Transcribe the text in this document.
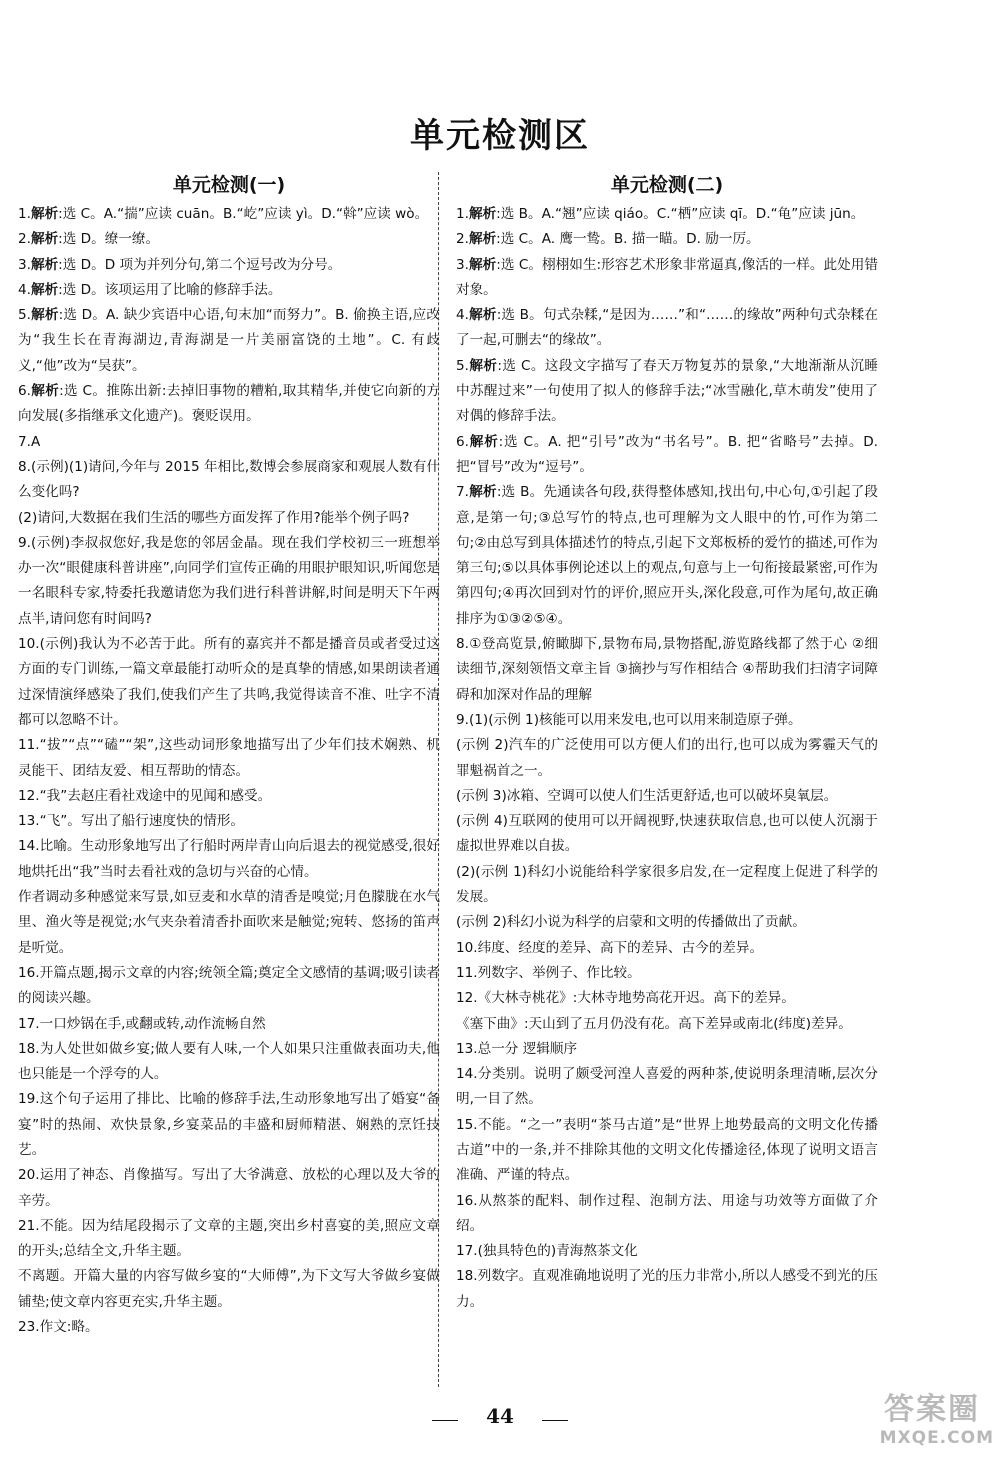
单元检测区
单元检测(一)
1.解析:选 C。A.“揣”应读 cuān。B.“屹”应读 yì。D.“斡”应读 wò。
2.解析:选 D。缭一缭。
3.解析:选 D。D 项为并列分句,第二个逗号改为分号。
4.解析:选 D。该项运用了比喻的修辞手法。
5.解析:选 D。A. 缺少宾语中心语,句末加“而努力”。B. 偷换主语,应改为“我生长在青海湖边,青海湖是一片美丽富饶的土地”。C. 有歧义,“他”改为“吴获”。
6.解析:选 C。推陈出新:去掉旧事物的糟粕,取其精华,并使它向新的方向发展(多指继承文化遗产)。褒贬误用。
7.A
8.(示例)(1)请问,今年与 2015 年相比,数博会参展商家和观展人数有什么变化吗?
(2)请问,大数据在我们生活的哪些方面发挥了作用?能举个例子吗?
9.(示例)李叔叔您好,我是您的邻居金晶。现在我们学校初三一班想举办一次“眼健康科普讲座”,向同学们宣传正确的用眼护眼知识,听闻您是一名眼科专家,特委托我邀请您为我们进行科普讲解,时间是明天下午两点半,请问您有时间吗?
10.(示例)我认为不必苦于此。所有的嘉宾并不都是播音员或者受过这方面的专门训练,一篇文章最能打动听众的是真挚的情感,如果朗读者通过深情演绎感染了我们,使我们产生了共鸣,我觉得读音不准、吐字不清都可以忽略不计。
11.“拔”“点”“磕”“架”,这些动词形象地描写出了少年们技术娴熟、机灵能干、团结友爱、相互帮助的情态。
12.“我”去赵庄看社戏途中的见闻和感受。
13.“飞”。写出了船行速度快的情形。
14.比喻。生动形象地写出了行船时两岸青山向后退去的视觉感受,很好地烘托出“我”当时去看社戏的急切与兴奋的心情。
作者调动多种感觉来写景,如豆麦和水草的清香是嗅觉;月色朦胧在水气里、渔火等是视觉;水气夹杂着清香扑面吹来是触觉;宛转、悠扬的笛声是听觉。
16.开篇点题,揭示文章的内容;统领全篇;奠定全文感情的基调;吸引读者的阅读兴趣。
17.一口炒锅在手,或翻或转,动作流畅自然
18.为人处世如做乡宴;做人要有人味,一个人如果只注重做表面功夫,他也只能是一个浮夸的人。
19.这个句子运用了排比、比喻的修辞手法,生动形象地写出了婚宴“备宴”时的热闹、欢快景象,乡宴菜品的丰盛和厨师精湛、娴熟的烹饪技艺。
20.运用了神态、肖像描写。写出了大爷满意、放松的心理以及大爷的辛劳。
21.不能。因为结尾段揭示了文章的主题,突出乡村喜宴的美,照应文章的开头;总结全文,升华主题。
不离题。开篇大量的内容写做乡宴的“大师傅”,为下文写大爷做乡宴做铺垫;使文章内容更充实,升华主题。
23.作文:略。
单元检测(二)
1.解析:选 B。A.“翘”应读 qiáo。C.“栖”应读 qī。D.“龟”应读 jūn。
2.解析:选 C。A. 鹰一鸷。B. 描一瞄。D. 励一厉。
3.解析:选 C。栩栩如生:形容艺术形象非常逼真,像活的一样。此处用错对象。
4.解析:选 B。句式杂糅,“是因为……”和“……的缘故”两种句式杂糅在了一起,可删去“的缘故”。
5.解析:选 C。这段文字描写了春天万物复苏的景象,“大地渐渐从沉睡中苏醒过来”一句使用了拟人的修辞手法;“冰雪融化,草木萌发”使用了对偶的修辞手法。
6.解析:选 C。A. 把“引号”改为“书名号”。B. 把“省略号”去掉。D. 把“冒号”改为“逗号”。
7.解析:选 B。先通读各句段,获得整体感知,找出句,中心句,①引起了段意,是第一句;③总写竹的特点,也可理解为文人眼中的竹,可作为第二句;②由总写到具体描述竹的特点,引起下文郑板桥的爱竹的描述,可作为第三句;⑤以具体事例论述以上的观点,句意与上一句衔接最紧密,可作为第四句;④再次回到对竹的评价,照应开头,深化段意,可作为尾句,故正确排序为①③②⑤④。
8.①登高览景,俯瞰脚下,景物布局,景物搭配,游览路线都了然于心 ②细读细节,深刻领悟文章主旨 ③摘抄与写作相结合 ④帮助我们扫清字词障碍和加深对作品的理解
9.(1)(示例 1)核能可以用来发电,也可以用来制造原子弹。
(示例 2)汽车的广泛使用可以方便人们的出行,也可以成为雾霾天气的罪魁祸首之一。
(示例 3)冰箱、空调可以使人们生活更舒适,也可以破坏臭氧层。
(示例 4)互联网的使用可以开阔视野,快速获取信息,也可以使人沉溺于虚拟世界难以自拔。
(2)(示例 1)科幻小说能给科学家很多启发,在一定程度上促进了科学的发展。
(示例 2)科幻小说为科学的启蒙和文明的传播做出了贡献。
10.纬度、经度的差异、高下的差异、古今的差异。
11.列数字、举例子、作比较。
12.《大林寺桃花》:大林寺地势高花开迟。高下的差异。
《塞下曲》:天山到了五月仍没有花。高下差异或南北(纬度)差异。
13.总一分 逻辑顺序
14.分类别。说明了颇受河湟人喜爱的两种茶,使说明条理清晰,层次分明,一目了然。
15.不能。“之一”表明“茶马古道”是“世界上地势最高的文明文化传播古道”中的一条,并不排除其他的文明文化传播途径,体现了说明文语言准确、严谨的特点。
16.从熬茶的配料、制作过程、泡制方法、用途与功效等方面做了介绍。
17.(独具特色的)青海熬茶文化
18.列数字。直观准确地说明了光的压力非常小,所以人感受不到光的压力。
44	答案圈
MXQE.COM
